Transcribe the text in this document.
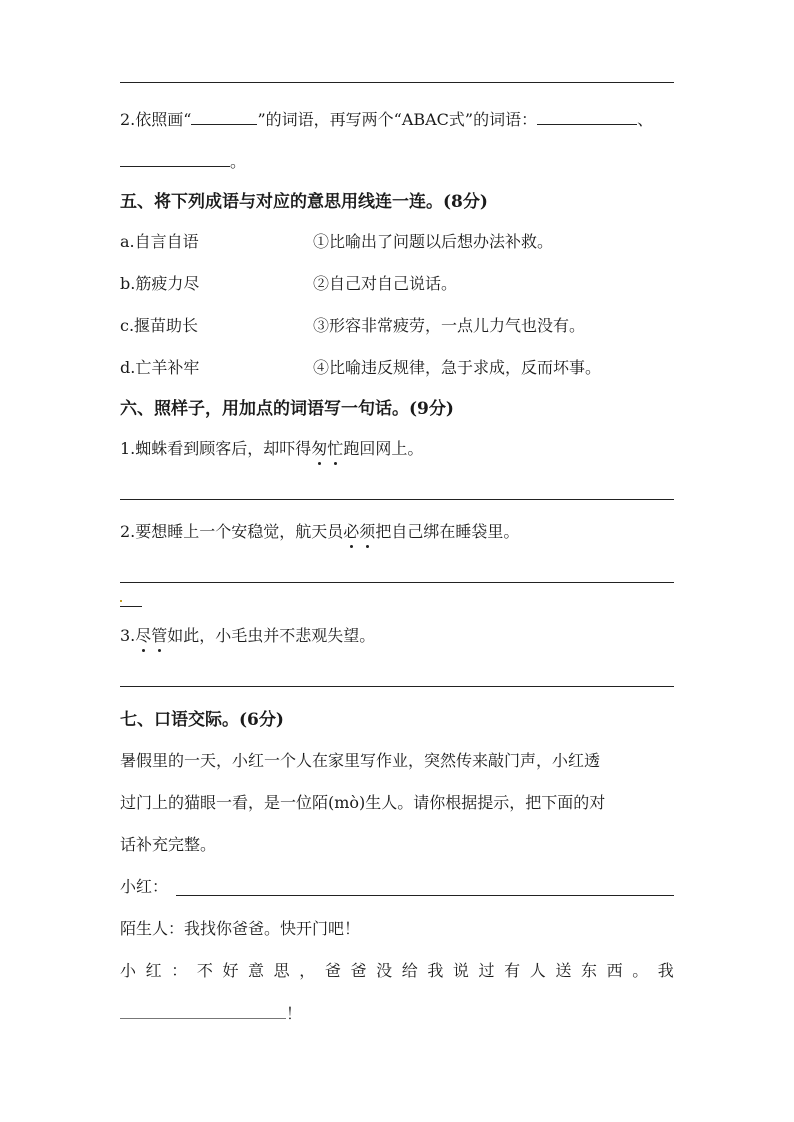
2.依照画“	”的词语，再写两个“ABAC式”的词语：	、
。
五、将下列成语与对应的意思用线连一连。(8分)
a.自言自语	①比喻出了问题以后想办法补救。
b.筋疲力尽	②自己对自己说话。
c.揠苗助长	③形容非常疲劳，一点儿力气也没有。
d.亡羊补牢	④比喻违反规律，急于求成，反而坏事。
六、照样子，用加点的词语写一句话。(9分)
1.蜘蛛看到顾客后，却吓得匆忙跑回网上。
2.要想睡上一个安稳觉，航天员必须把自己绑在睡袋里。
3.尽管如此，小毛虫并不悲观失望。
七、口语交际。(6分)
暑假里的一天，小红一个人在家里写作业，突然传来敲门声，小红透
过门上的猫眼一看，是一位陌(mò)生人。请你根据提示，把下面的对
话补充完整。
小红：
陌生人：我找你爸爸。快开门吧！
小 红 ： 不 好 意 思 ， 爸 爸 没 给 我 说 过 有 人 送 东 西 。 我
！
